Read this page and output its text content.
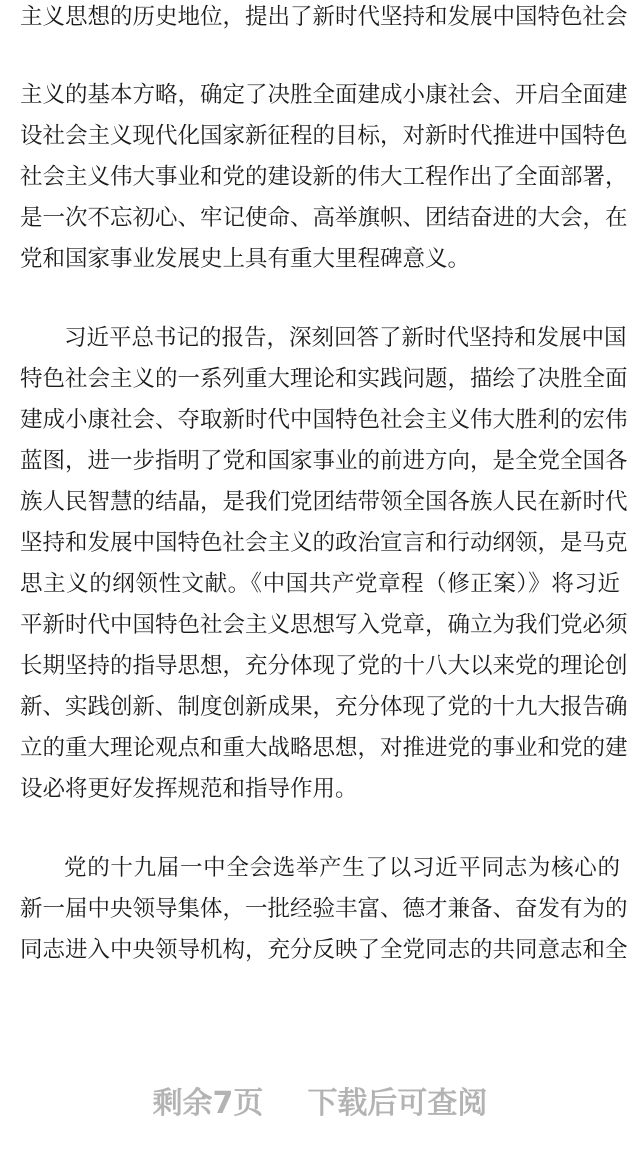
主义思想的历史地位，提出了新时代坚持和发展中国特色社会
主义的基本方略，确定了决胜全面建成小康社会、开启全面建
设社会主义现代化国家新征程的目标，对新时代推进中国特色
社会主义伟大事业和党的建设新的伟大工程作出了全面部署，
是一次不忘初心、牢记使命、高举旗帜、团结奋进的大会，在
党和国家事业发展史上具有重大里程碑意义。
习近平总书记的报告，深刻回答了新时代坚持和发展中国
特色社会主义的一系列重大理论和实践问题，描绘了决胜全面
建成小康社会、夺取新时代中国特色社会主义伟大胜利的宏伟
蓝图，进一步指明了党和国家事业的前进方向，是全党全国各
族人民智慧的结晶，是我们党团结带领全国各族人民在新时代
坚持和发展中国特色社会主义的政治宣言和行动纲领，是马克
思主义的纲领性文献。《中国共产党章程（修正案）》将习近
平新时代中国特色社会主义思想写入党章，确立为我们党必须
长期坚持的指导思想，充分体现了党的十八大以来党的理论创
新、实践创新、制度创新成果，充分体现了党的十九大报告确
立的重大理论观点和重大战略思想，对推进党的事业和党的建
设必将更好发挥规范和指导作用。
党的十九届一中全会选举产生了以习近平同志为核心的
新一届中央领导集体，一批经验丰富、德才兼备、奋发有为的
同志进入中央领导机构，充分反映了全党同志的共同意志和全
剩余7页 下载后可查阅
